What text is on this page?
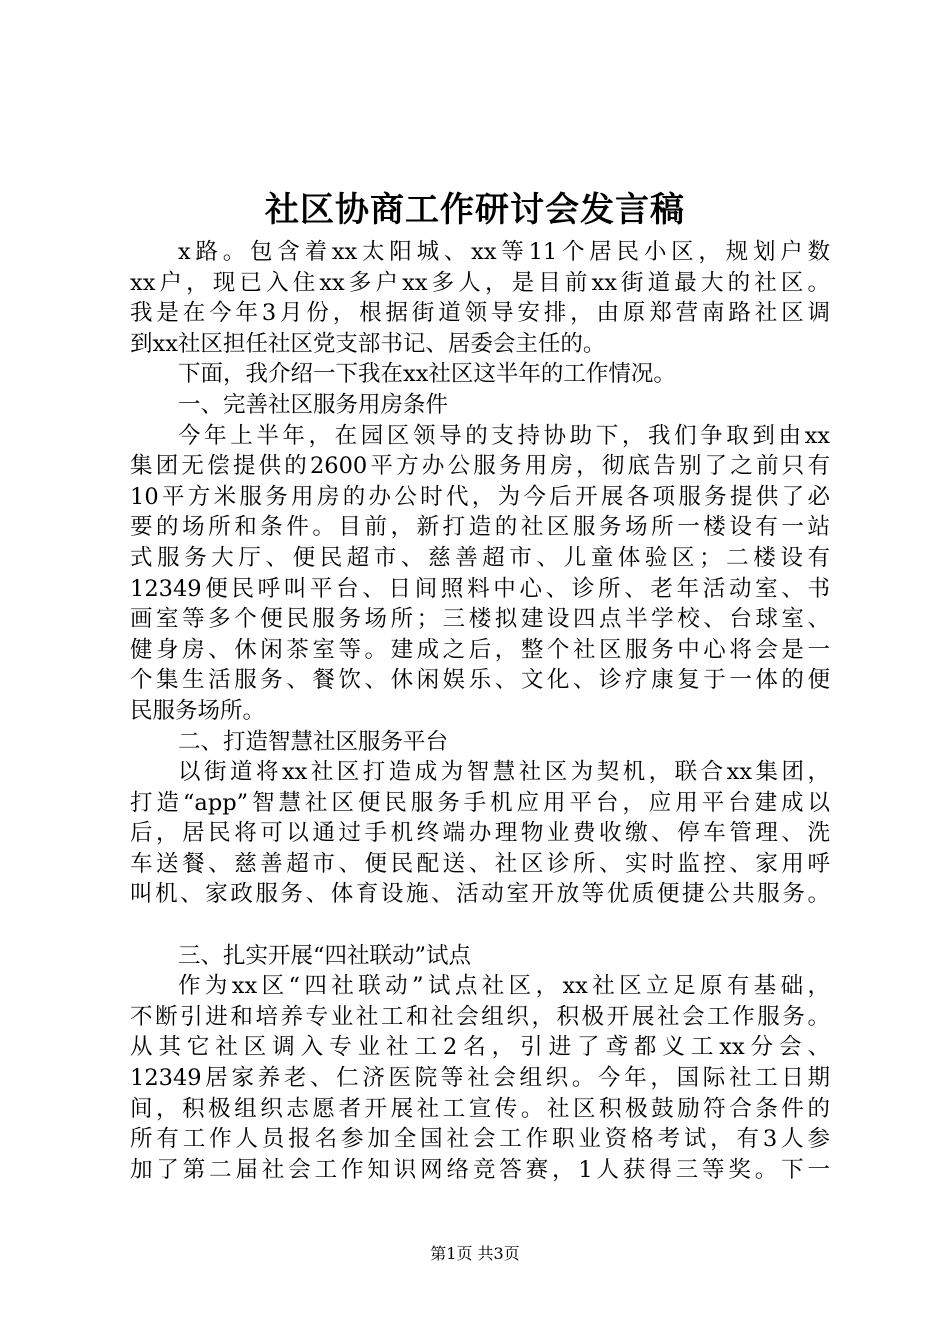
社区协商工作研讨会发言稿
x路。包含着xx太阳城、xx等11个居民小区，规划户数
xx户，现已入住xx多户xx多人，是目前xx街道最大的社区。
我是在今年3月份，根据街道领导安排，由原郑营南路社区调
到xx社区担任社区党支部书记、居委会主任的。
下面，我介绍一下我在xx社区这半年的工作情况。
一、完善社区服务用房条件
今年上半年，在园区领导的支持协助下，我们争取到由xx
集团无偿提供的2600平方办公服务用房，彻底告别了之前只有
10平方米服务用房的办公时代，为今后开展各项服务提供了必
要的场所和条件。目前，新打造的社区服务场所一楼设有一站
式服务大厅、便民超市、慈善超市、儿童体验区；二楼设有
12349便民呼叫平台、日间照料中心、诊所、老年活动室、书
画室等多个便民服务场所；三楼拟建设四点半学校、台球室、
健身房、休闲茶室等。建成之后，整个社区服务中心将会是一
个集生活服务、餐饮、休闲娱乐、文化、诊疗康复于一体的便
民服务场所。
二、打造智慧社区服务平台
以街道将xx社区打造成为智慧社区为契机，联合xx集团，
打造“app”智慧社区便民服务手机应用平台，应用平台建成以
后，居民将可以通过手机终端办理物业费收缴、停车管理、洗
车送餐、慈善超市、便民配送、社区诊所、实时监控、家用呼
叫机、家政服务、体育设施、活动室开放等优质便捷公共服务。
三、扎实开展“四社联动”试点
作为xx区“四社联动”试点社区，xx社区立足原有基础，
不断引进和培养专业社工和社会组织，积极开展社会工作服务。
从其它社区调入专业社工2名，引进了鸢都义工xx分会、
12349居家养老、仁济医院等社会组织。今年，国际社工日期
间，积极组织志愿者开展社工宣传。社区积极鼓励符合条件的
所有工作人员报名参加全国社会工作职业资格考试，有3人参
加了第二届社会工作知识网络竞答赛，1人获得三等奖。下一
第1页 共3页
